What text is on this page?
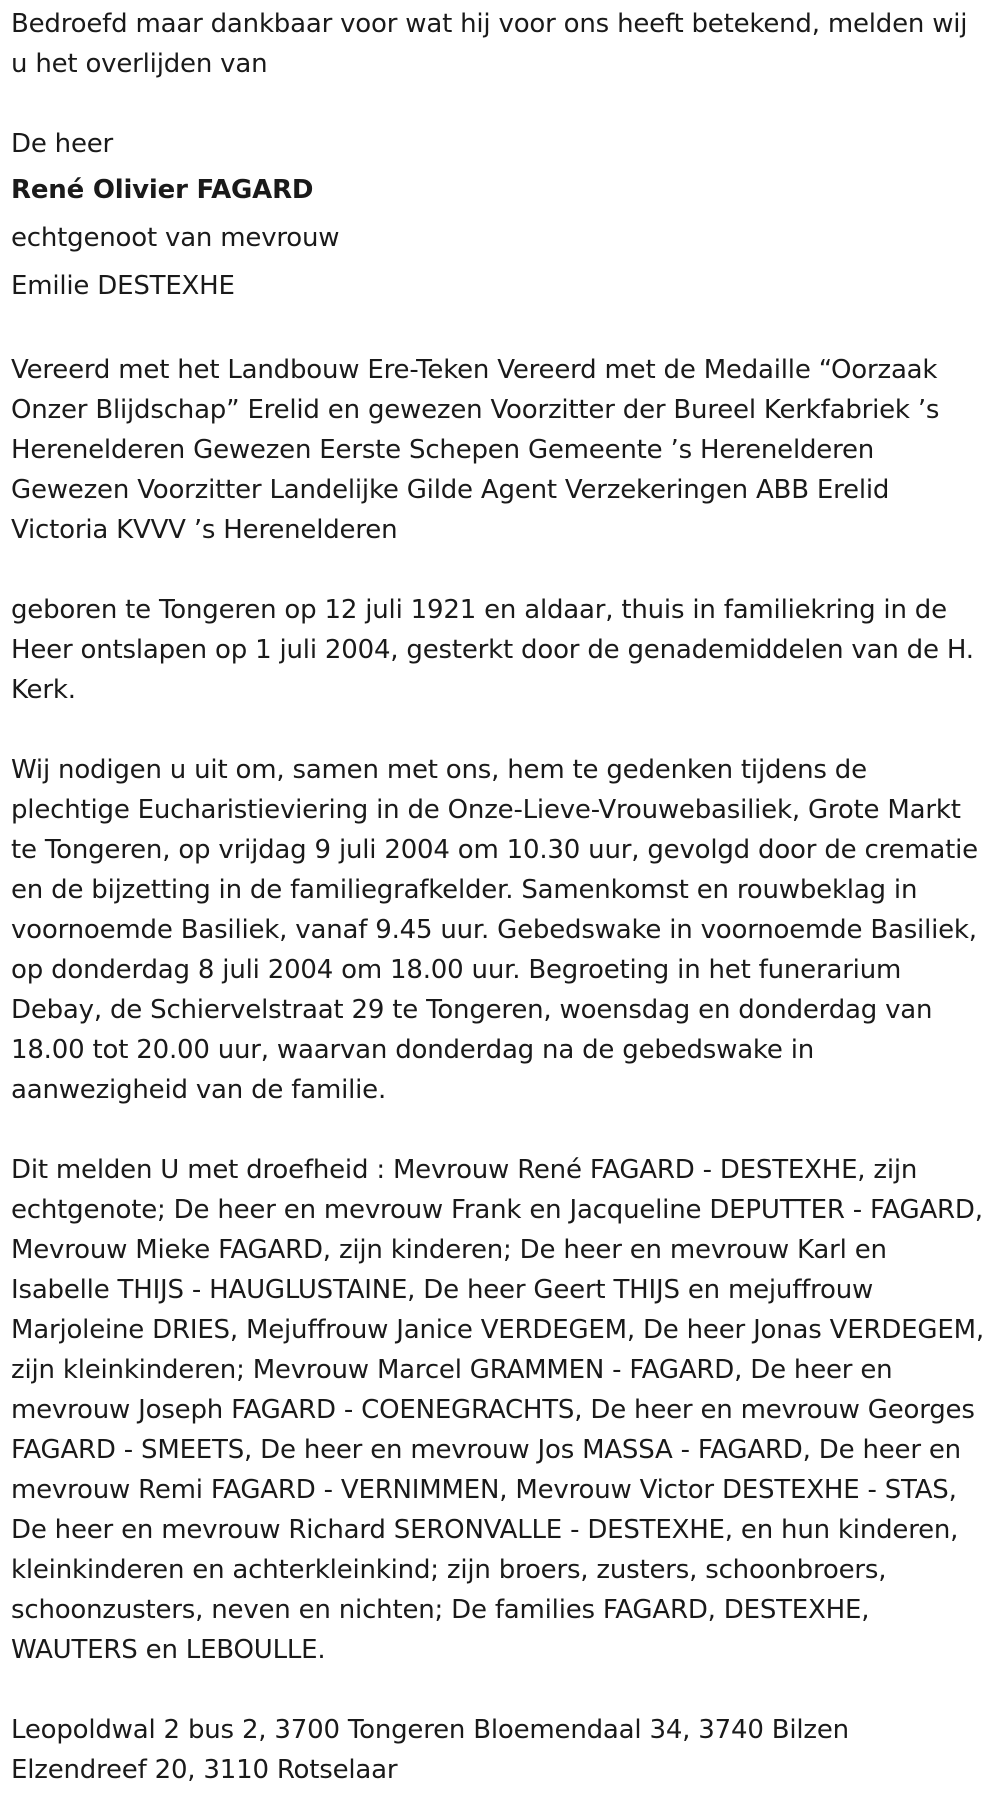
Bedroefd maar dankbaar voor wat hij voor ons heeft betekend, melden wij u het overlijden van

De heer

René Olivier FAGARD

echtgenoot van mevrouw

Emilie DESTEXHE

Vereerd met het Landbouw Ere-Teken Vereerd met de Medaille “Oorzaak Onzer Blijdschap” Erelid en gewezen Voorzitter der Bureel Kerkfabriek ’s Herenelderen Gewezen Eerste Schepen Gemeente ’s Herenelderen Gewezen Voorzitter Landelijke Gilde Agent Verzekeringen ABB Erelid Victoria KVVV ’s Herenelderen

geboren te Tongeren op 12 juli 1921 en aldaar, thuis in familiekring in de Heer ontslapen op 1 juli 2004, gesterkt door de genademiddelen van de H. Kerk.

Wij nodigen u uit om, samen met ons, hem te gedenken tijdens de plechtige Eucharistieviering in de Onze-Lieve-Vrouwebasiliek, Grote Markt te Tongeren, op vrijdag 9 juli 2004 om 10.30 uur, gevolgd door de crematie en de bijzetting in de familiegrafkelder. Samenkomst en rouwbeklag in voornoemde Basiliek, vanaf 9.45 uur. Gebedswake in voornoemde Basiliek, op donderdag 8 juli 2004 om 18.00 uur. Begroeting in het funerarium Debay, de Schiervelstraat 29 te Tongeren, woensdag en donderdag van 18.00 tot 20.00 uur, waarvan donderdag na de gebedswake in aanwezigheid van de familie.

Dit melden U met droefheid : Mevrouw René FAGARD - DESTEXHE, zijn echtgenote; De heer en mevrouw Frank en Jacqueline DEPUTTER - FAGARD, Mevrouw Mieke FAGARD, zijn kinderen; De heer en mevrouw Karl en Isabelle THIJS - HAUGLUSTAINE, De heer Geert THIJS en mejuffrouw Marjoleine DRIES, Mejuffrouw Janice VERDEGEM, De heer Jonas VERDEGEM, zijn kleinkinderen; Mevrouw Marcel GRAMMEN - FAGARD, De heer en mevrouw Joseph FAGARD - COENEGRACHTS, De heer en mevrouw Georges FAGARD - SMEETS, De heer en mevrouw Jos MASSA - FAGARD, De heer en mevrouw Remi FAGARD - VERNIMMEN, Mevrouw Victor DESTEXHE - STAS, De heer en mevrouw Richard SERONVALLE - DESTEXHE, en hun kinderen, kleinkinderen en achterkleinkind; zijn broers, zusters, schoonbroers, schoonzusters, neven en nichten; De families FAGARD, DESTEXHE, WAUTERS en LEBOULLE.

Leopoldwal 2 bus 2, 3700 Tongeren Bloemendaal 34, 3740 Bilzen Elzendreef 20, 3110 Rotselaar
